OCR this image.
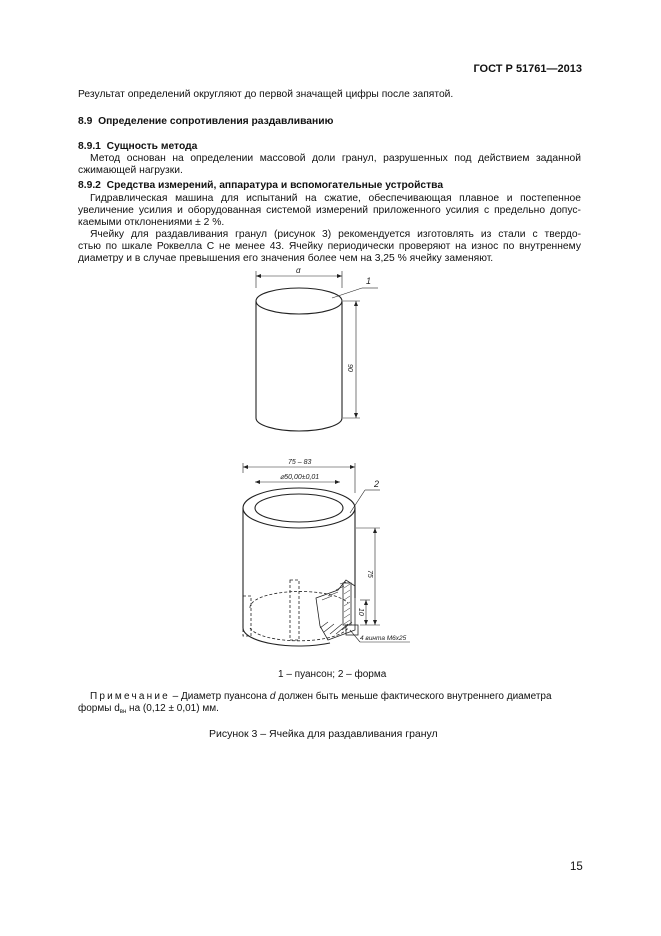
ГОСТ Р 51761—2013
Результат определений округляют до первой значащей цифры после запятой.
8.9 Определение сопротивления раздавливанию
8.9.1 Сущность метода
Метод основан на определении массовой доли гранул, разрушенных под действием заданной
сжимающей нагрузки.
8.9.2 Средства измерений, аппаратура и вспомогательные устройства
Гидравлическая машина для испытаний на сжатие, обеспечивающая плавное и постепенное
увеличение усилия и оборудованная системой измерений приложенного усилия с предельно допус-
каемыми отклонениями ± 2 %.
Ячейку для раздавливания гранул (рисунок 3) рекомендуется изготовлять из стали с твердо-
стью по шкале Роквелла С не менее 43. Ячейку периодически проверяют на износ по внутреннему
диаметру и в случае превышения его значения более чем на 3,25 % ячейку заменяют.
d
90
1
75 – 83
⌀50,00±0,01
75
10
2
4 винта М6х25
1 – пуансон; 2 – форма
Примечание – Диаметр пуансона d должен быть меньше фактического внутреннего диаметра
формы $d_{вн}$ на (0,12 ± 0,01) мм.
Рисунок 3 – Ячейка для раздавливания гранул
15
